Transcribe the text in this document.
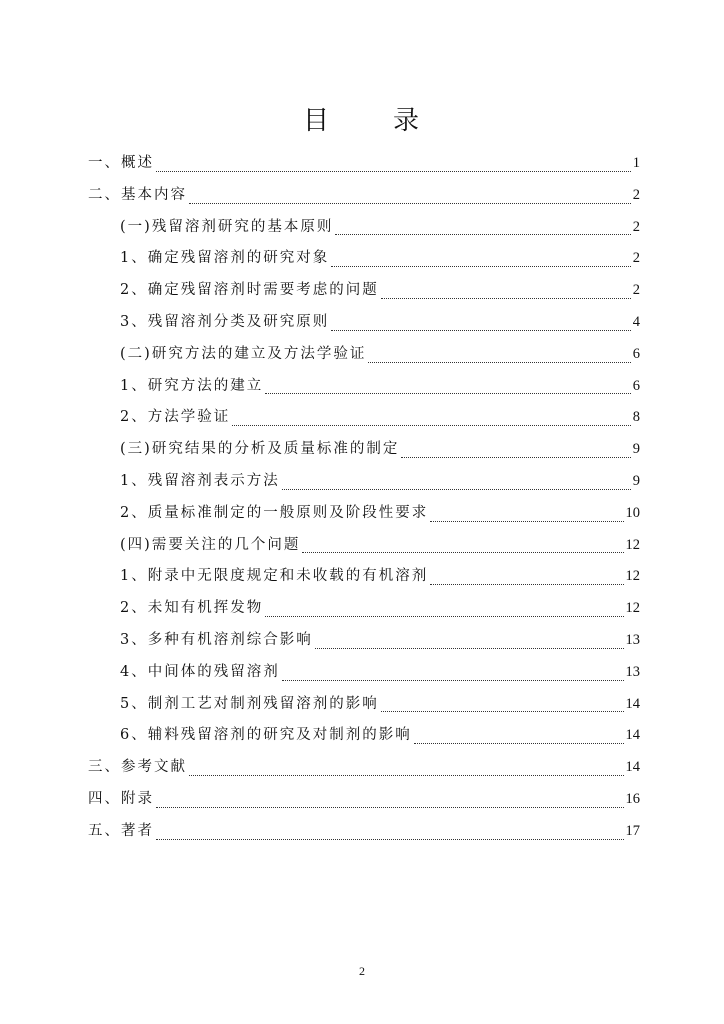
目 录
一、概述	1
二、基本内容	2
(一)残留溶剂研究的基本原则	2
1、确定残留溶剂的研究对象	2
2、确定残留溶剂时需要考虑的问题	2
3、残留溶剂分类及研究原则	4
(二)研究方法的建立及方法学验证	6
1、研究方法的建立	6
2、方法学验证	8
(三)研究结果的分析及质量标准的制定	9
1、残留溶剂表示方法	9
2、质量标准制定的一般原则及阶段性要求	10
(四)需要关注的几个问题	12
1、附录中无限度规定和未收载的有机溶剂	12
2、未知有机挥发物	12
3、多种有机溶剂综合影响	13
4、中间体的残留溶剂	13
5、制剂工艺对制剂残留溶剂的影响	14
6、辅料残留溶剂的研究及对制剂的影响	14
三、参考文献	14
四、附录	16
五、著者	17
2
